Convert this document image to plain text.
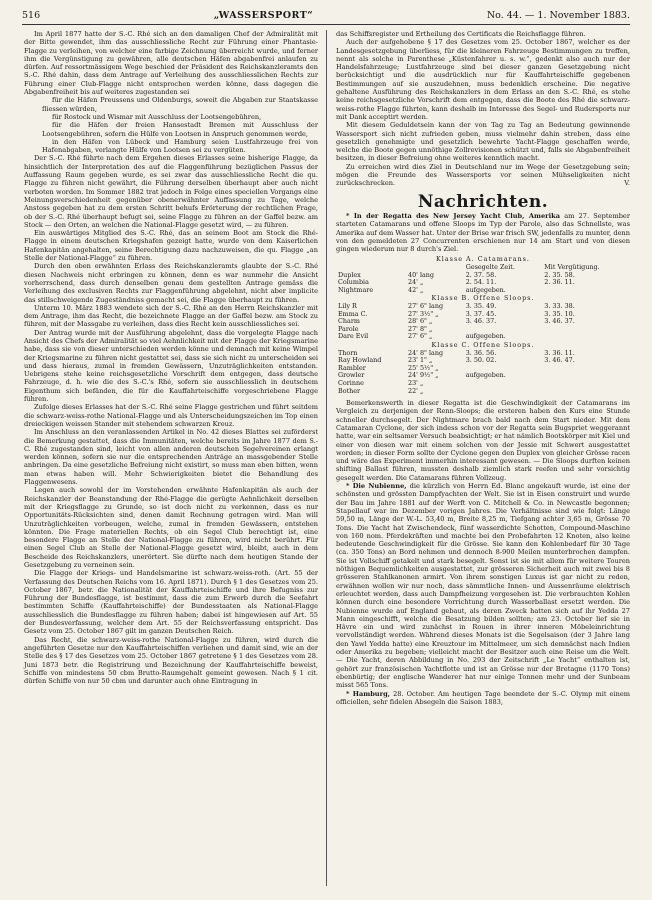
516	„WASSERSPORT“	No. 44. — 1. November 1883.

Im April 1877 hatte der S.-C. Rhé sich an den damaligen Chef der Admiralität mit der Bitte gewendet, ihm das ausschliessliche Recht zur Führung einer Phantasie-Flagge zu verleihen, von welcher eine farbige Zeichnung überreicht wurde, und ferner ihm die Vergünstigung zu gewähren, alle deutschen Häfen abgabenfrei anlaufen zu dürfen. Auf ressortmässigem Wege beschied der Präsident des Reichskanzleramts den S.-C. Rhé dahin, dass dem Antrage auf Verleihung des ausschliesslichen Rechts zur Führung einer Club-Flagge nicht entsprochen werden könne, dass dagegen die Abgabenfreiheit bis auf weiteres zugestanden sei

für die Häfen Preussens und Oldenburgs, soweit die Abgaben zur Staatskasse fliessen würden,

für Rostock und Wismar mit Ausschluss der Lootsengebühren,

für die Häfen der freien Hansestadt Bremen mit Ausschluss der Lootsengebühren, sofern die Hülfe von Lootsen in Anspruch genommen werde,

in den Häfen von Lübeck und Hamburg seien Lustfahrzeuge frei von Hafenabgaben, verlangte Hülfe von Lootsen sei zu vergüten.

Der S.-C. Rhé führte nach dem Ergehen dieses Erlasses seine bisherige Flagge, da hinsichtlich der Interpretation des auf die Flaggenführung bezüglichen Passus der Auffassung Raum gegeben wurde, es sei zwar das ausschliessliche Recht die qu. Flagge zu führen nicht gewährt, die Führung derselben überhaupt aber auch nicht verboten worden. Im Sommer 1882 trat jedoch in Folge eines speciellen Vorgangs eine Meinungsverschiedenheit gegenüber obenerwähnter Auffassung zu Tage, welche Anstoss gegeben hat zu dem ersten Schritt behufs Erörterung der rechtlichen Frage, ob der S.-C. Rhé überhaupt befugt sei, seine Flagge zu führen an der Gaffel bezw. am Stock — den Orten, an welchen die National-Flagge gesetzt wird, — zu führen.

Ein auswärtiges Mitglied des S.-C. Rhé, das an seinem Boot am Stock die Rhé-Flagge in einem deutschen Kriegshafen gezeigt hatte, wurde von dem Kaiserlichen Hafenkapitän angehalten, seine Berechtigung dazu nachzuweisen, die qu. Flagge „an Stelle der National-Flagge“ zu führen.

Durch den oben erwähnten Erlass des Reichskanzleramts glaubte der S.-C. Rhé diesen Nachweis nicht erbringen zu können, denn es war nunmehr die Ansicht vorherrschend, dass durch denselben genau dem gestellten Antrage gemäss die Verleihung des exclusiven Rechts zur Flaggenführung abgelehnt, nicht aber implicite das stillschweigende Zugeständniss gemacht sei, die Flagge überhaupt zu führen.

Unterm 10. März 1883 wendete sich der S.-C. Rhé an den Herrn Reichskanzler mit dem Antrage, ihm das Recht, die bezeichnete Flagge an der Gaffel bezw. am Stock zu führen, mit der Massgabe zu verleihen, dass dies Recht kein ausschliessliches sei.

Der Antrag wurde mit der Ausführung abgelehnt, dass die vorgelegte Flagge nach Ansicht des Chefs der Admiralität so viel Aehnlichkeit mit der Flagge der Kriegsmarine habe, dass sie von dieser unterschieden werden könne und demnach mit keine Wimpel der Kriegsmarine zu führen nicht gestattet sei, dass sie sich nicht zu unterscheiden sei und dass hieraus, zumal in fremden Gewässern, Unzuträglichkeiten entstanden. Uebrigens stehe keine reichsgesetzliche Vorschrift dem entgegen, dass deutsche Fahrzeuge, d. h. wie die des S.-C.'s Rhé, sofern sie ausschliesslich in deutschem Eigenthum sich befänden, die für die Kauffahrteischiffe vorgeschriebene Flagge führen.

Zufolge dieses Erlasses hat der S.-C. Rhé seine Flagge gestrichen und führt seitdem die schwarz-weiss-rothe National-Flagge und als Unterscheidungszeichen im Top einen dreieckigen weissen Stander mit stehendem schwarzen Kreuz.

Im Anschluss an den veranlassenden Artikel in No. 42 dieses Blattes sei zuförderst die Bemerkung gestattet, dass die Immunitäten, welche bereits im Jahre 1877 dem S.-C. Rhé zugestanden sind, leicht von allen anderen deutschen Segelvereinen erlangt werden können, sofern sie nur die entsprechenden Anträge an massgebender Stelle anbringen. Da eine gesetzliche Befreiung nicht existirt, so muss man eben bitten, wenn man etwas haben will. Mehr Schwierigkeiten bietet die Behandlung des Flaggenwesens.

Legen auch sowohl der im Vorstehenden erwähnte Hafenkapitän als auch der Reichskanzler der Beanstandung der Rhé-Flagge die gerügte Aehnlichkeit derselben mit der Kriegsflagge zu Grunde, so ist doch nicht zu verkennen, dass es nur Opportunitäts-Rücksichten sind, denen damit Rechnung getragen wird. Man will Unzuträglichkeiten vorbeugen, welche, zumal in fremden Gewässern, entstehen könnten. Die Frage materiellen Rechts, ob ein Segel Club berechtigt ist, eine besondere Flagge an Stelle der National-Flagge zu führen, wird nicht berührt. Für einen Segel Club an Stelle der National-Flagge gesetzt wird, bleibt, auch in dem Bescheide des Reichskanzlers, unerörtert. Sie dürfte nach dem heutigen Stande der Gesetzgebung zu verneinen sein.

Die Flagge der Kriegs- und Handelsmarine ist schwarz-weiss-roth. (Art. 55 der Verfassung des Deutschen Reichs vom 16. April 1871). Durch § 1 des Gesetzes vom 25. October 1867, betr. die Nationalität der Kauffahrteischiffe und ihre Befugniss zur Führung der Bundesflagge, ist bestimmt, dass die zum Erwerb durch die Seefahrt bestimmten Schiffe (Kauffahrteischiffe) der Bundesstaaten als National-Flagge ausschliesslich die Bundesflagge zu führen haben; dabei ist hingewiesen auf Art. 55 der Bundesverfassung, welcher dem Art. 55 der Reichsverfassung entspricht. Das Gesetz vom 25. October 1867 gilt im ganzen Deutschen Reich.

Das Recht, die schwarz-weiss-rothe National-Flagge zu führen, wird durch die angeführten Gesetze nur den Kauffahrteischiffen verliehen und damit sind, wie an der Stelle des § 17 des Gesetzes vom 25. October 1867 getretene § 1 des Gesetzes vom 28. Juni 1873 betr. die Registrirung und Bezeichnung der Kauffahrteischiffe beweist, Schiffe von mindestens 50 cbm Brutto-Raumgehalt gemeint gewesen. Nach § 1 cit. dürfen Schiffe von nur 50 cbm und darunter auch ohne Eintragung in

das Schiffsregister und Ertheilung des Certificats die Reichsflagge führen.

Auch der aufgehobene § 17 des Gesetzes vom 25. October 1867, welcher es der Landesgesetzgebung überliess, für die kleineren Fahrzeuge Bestimmungen zu treffen, nennt als solche in Parenthese „Küstenfahrer u. s. w.“, gedenkt also auch nur der Handelsfahrzeuge; Lustfahrzeuge sind bei dieser ganzen Gesetzgebung nicht berücksichtigt und die ausdrücklich nur für Kauffahrteischiffe gegebenen Bestimmungen auf sie auszudehnen, muss bedenklich erscheine. Die negative gehaltene Ausführung des Reichskanzlers in dem Erlass an den S.-C. Rhé, es stehe keine reichsgesetzliche Vorschrift dem entgegen, dass die Boote des Rhé die schwarz-weiss-rothe Flagge führten, kann deshalb im Interesse des Segel- und Rudersports nur mit Dank acceptirt werden.

Mit diesem Geduldetsein kann der von Tag zu Tag an Bedeutung gewinnende Wassersport sich nicht zufrieden geben, muss vielmehr dahin streben, dass eine gesetzlich genehmigte und gesetzlich bewehrte Yacht-Flagge geschaffen werde, welche die Boote gegen unnöthige Zollrevisionen schützt und, falls sie Abgabenfreiheit besitzen, in dieser Befreiung ohne weiteres kenntlich macht.

Zu erreichen wird dies Ziel in Deutschland nur im Wege der Gesetzgebung sein; mögen die Freunde des Wassersports vor seinen Mühseligkeiten nicht zurückschrecken.	V.

Nachrichten.

* In der Regatta des New Jersey Yacht Club, Amerika am 27. September starteten Catamarans und offene Sloops im Typ der Parole, also das Schnellste, was Amerika auf dem Wasser hat. Unter der Brise war frisch SW, jedenfalls zu munter, denn von den gemeldeten 27 Concurrenten erschienen nur 14 am Start und von diesen gingen wiederum nur 8 durch's Ziel.

Klasse A. Catamarans.			
		Gesegelte Zeit.	Mit Vergütigung.
Duplex	40' lang	2. 37. 58.	2. 35. 58.
Columbia	24' „	2. 54. 11.	2. 36. 11.
Nightmare	42' „	aufgegeben.	
Klasse B. Offene Sloops.			
Lily R	27' 6" lang	3. 35. 49.	3. 33. 38.
Emma C.	27' 3½" „	3. 37. 45.	3. 35. 10.
Charm	28' 6" „	3. 46. 37.	3. 46. 37.
Parole	27' 8" „		
Dare Evil	27' 6" „	aufgegeben.	
Klasse C. Offene Sloops.			
Thorn	24' 8" lang	3. 36. 56.	3. 36. 11.
Ray Howland	23' 1" „	3. 50. 02.	3. 46. 47.
Rambler	25' 5½" „		
Growler	24' 9½" „	aufgegeben.	
Corinne	23' „		
Bother	22' „		

Bemerkenswerth in dieser Regatta ist die Geschwindigkeit der Catamarans im Vergleich zu derjenigen der Renn-Sloops; die ersteren haben den Kurs eine Stunde schneller durchsegelt. Der Nightmare brach bald nach dem Start nieder. Mit dem Catamaran Cyclone, der sich indess schon vor der Regatta sein Bugspriet weggerannt hatte, war ein seltsamer Versuch beabsichtigt; er hat nämlich Bootskörper mit Kiel und einer von diesen war mit einem solchen von der Jessie mit Schwert ausgestattet worden; in dieser Form sollte der Cyclone gegen den Duplex von gleicher Grösse racen und wäre das Experiment immerhin interessant gewesen. — Die Sloops durften keinen shifting Ballast führen, mussten deshalb ziemlich stark reefen und sehr vorsichtig gesegelt werden. Die Catamarans führen Vollzeug.

* Die Nubienne, die kürzlich von Herrn Ed. Blanc angekauft wurde, ist eine der schönsten und grössten Dampfyachten der Welt. Sie ist in Eisen construirt und wurde der Bau im Jahre 1881 auf der Werft von C. Mitchell & Co. in Newcastle begonnen; Stapellauf war im Dezember vorigen Jahres. Die Verhältnisse sind wie folgt: Länge 59,50 m, Länge der W.-L. 53,40 m, Breite 8,25 m, Tiefgang achter 3,65 m, Grösse 70 Tons. Die Yacht hat Zwischendeck, fünf wasserdichte Schotten, Compound-Maschine von 160 nom. Pferdekräften und machte bei den Probefahrten 12 Knoten, also keine bedeutende Geschwindigkeit für die Grösse. Sie kann den Kohlenbedarf für 30 Tage (ca. 350 Tons) an Bord nehmen und dennoch 8-900 Meilen munterbrochen dampfen. Sie ist Vollschiff getakelt und stark besegelt. Sonst ist sie mit allem für weitere Touren nöthigen Bequemlichkeiten ausgestattet, zur grösseren Sicherheit auch mit zwei bis 8 grösseren Stahlkanonen armirt. Von ihrem sonstigen Luxus ist gar nicht zu reden, erwähnen wollen wir nur noch, dass sämmtliche Innen- und Aussenräume elektrisch erleuchtet werden, dass auch Dampfheizung vorgesehen ist. Die verbrauchten Kohlen können durch eine besondere Vorrichtung durch Wasserballast ersetzt werden. Die Nubienne wurde auf England gebaut, als deren Zweck hatten sich auf ihr Yedda 27 Mann eingeschifft, welche die Besatzung bilden sollten; am 23. October lief sie in Hâvre ein und wird zunächst in Rouen in ihrer inneren Möbeleinrichtung vervollständigt werden. Während dieses Monats ist die Segelsaison (der 3 Jahre lang den Yawl Yedda hatte) eine Kreuztour im Mittelmeer, um sich demnächst nach Indien oder Amerika zu begeben; vielleicht macht der Besitzer auch eine Reise um die Welt. — Die Yacht, deren Abbildung in No. 293 der Zeitschrift „Le Yacht“ enthalten ist, gehört zur französischen Yachtflotte und ist an Grösse nur der Bretagne (1170 Tons) ebenbürtig; der englische Wanderer hat nur einige Tonnen mehr und der Sunbeam misst 565 Tons.

* Hamburg, 28. October. Am heutigen Tage beendete der S.-C. Olymp mit einem officiellen, sehr fidelen Absegeln die Saison 1883,
